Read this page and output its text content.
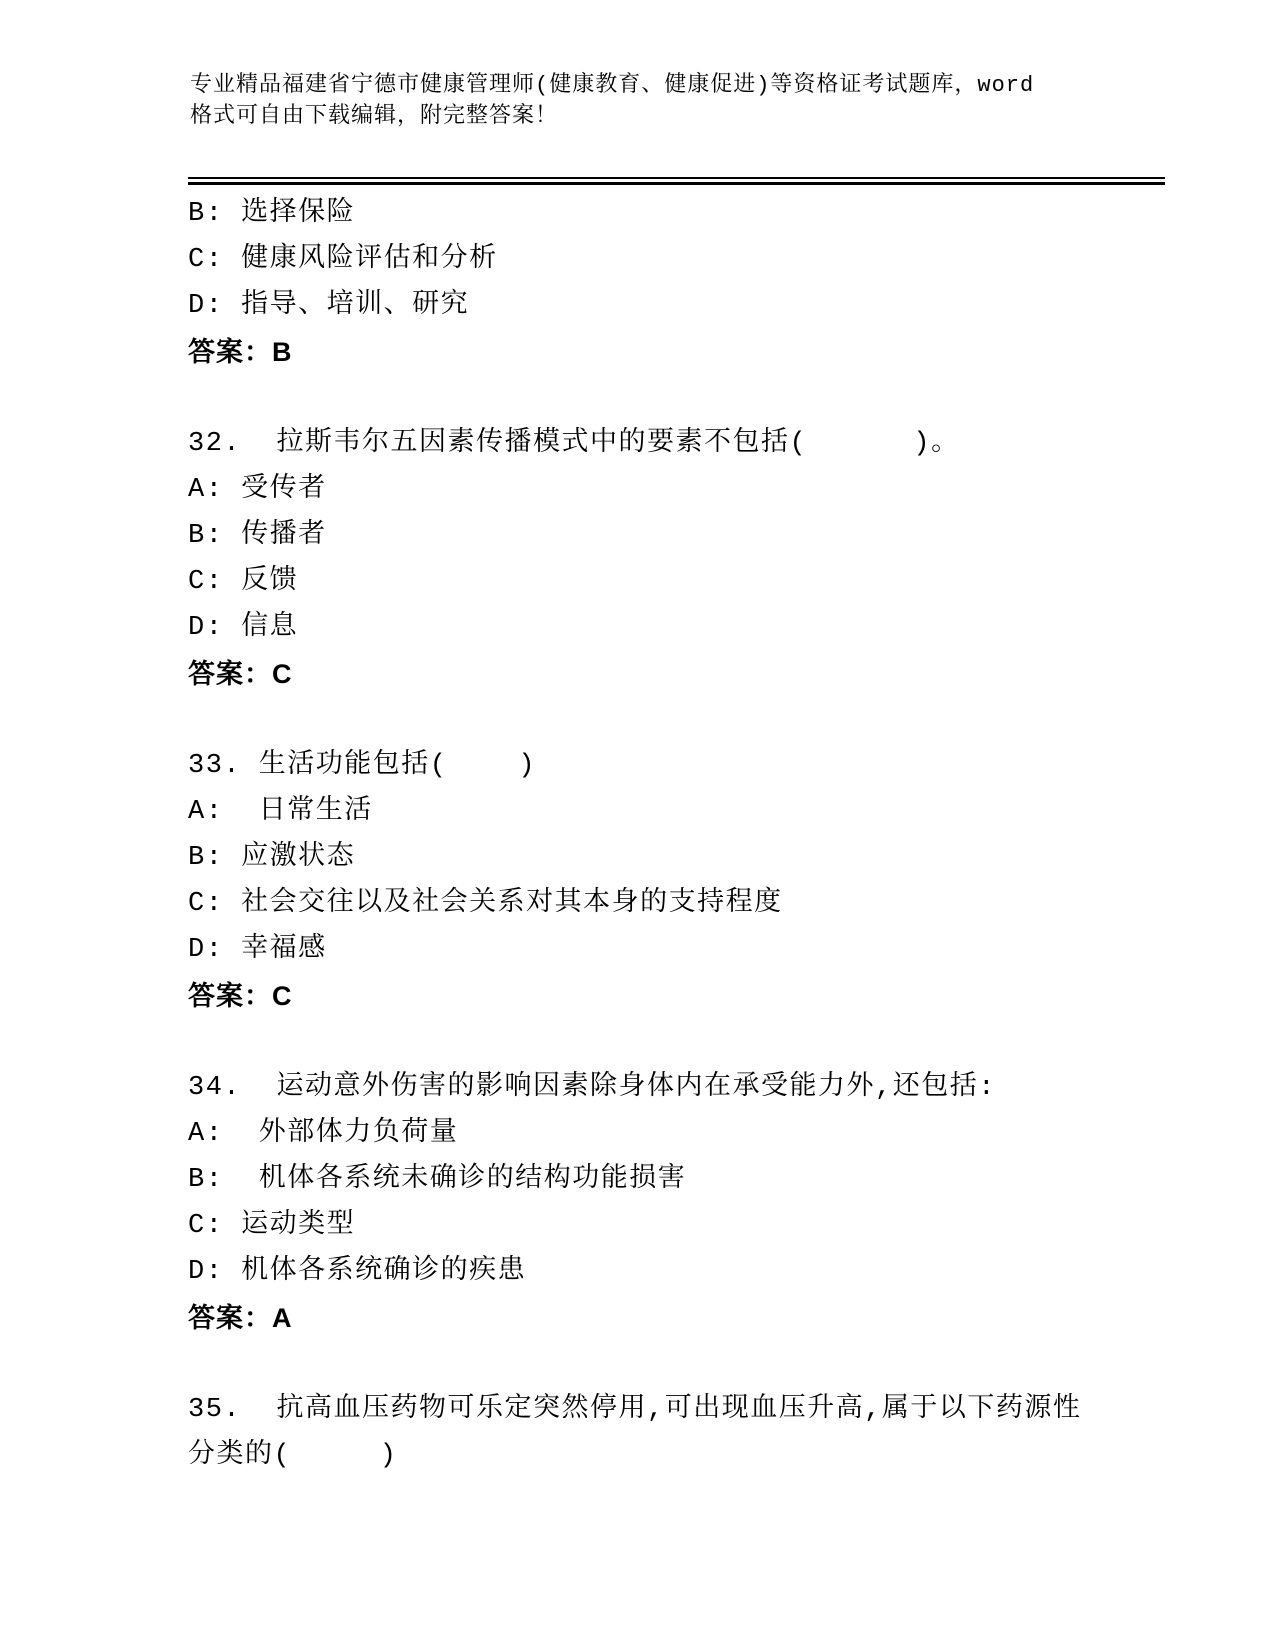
专业精品福建省宁德市健康管理师(健康教育、健康促进)等资格证考试题库，word
格式可自由下载编辑，附完整答案！
B: 选择保险
C: 健康风险评估和分析
D: 指导、培训、研究
答案：B
32.  拉斯韦尔五因素传播模式中的要素不包括(      )。
A: 受传者
B: 传播者
C: 反馈
D: 信息
答案：C
33. 生活功能包括(    )
A:  日常生活
B: 应激状态
C: 社会交往以及社会关系对其本身的支持程度
D: 幸福感
答案：C
34.  运动意外伤害的影响因素除身体内在承受能力外,还包括:
A:  外部体力负荷量
B:  机体各系统未确诊的结构功能损害
C: 运动类型
D: 机体各系统确诊的疾患
答案：A
35.  抗高血压药物可乐定突然停用,可出现血压升高,属于以下药源性
分类的(     )
